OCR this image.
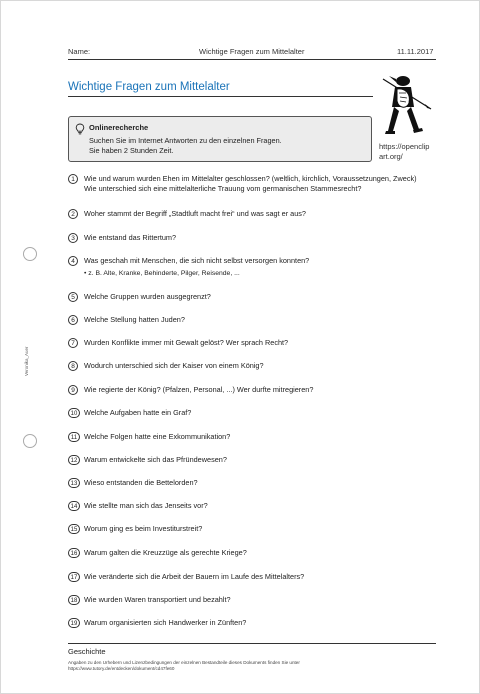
Name:	Wichtige Fragen zum Mittelalter	11.11.2017
Wichtige Fragen zum Mittelalter
Onlinerecherche
Suchen Sie im Internet Antworten zu den einzelnen Fragen.
Sie haben 2 Stunden Zeit.	https://openclip
art.org/
1	Wie und warum wurden Ehen im Mittelalter geschlossen? (weltlich, kirchlich, Voraussetzungen, Zweck)
Wie unterschied sich eine mittelalterliche Trauung vom germanischen Stammesrecht?
2	Woher stammt der Begriff „Stadtluft macht frei“ und was sagt er aus?
3	Wie entstand das Rittertum?
4	Was geschah mit Menschen, die sich nicht selbst versorgen konnten?
• z. B. Alte, Kranke, Behinderte, Pilger, Reisende, ...
5	Welche Gruppen wurden ausgegrenzt?
6	Welche Stellung hatten Juden?
7	Wurden Konflikte immer mit Gewalt gelöst? Wer sprach Recht?
8	Wodurch unterschied sich der Kaiser von einem König?
9	Wie regierte der König? (Pfalzen, Personal, ...) Wer durfte mitregieren?
10 Welche Aufgaben hatte ein Graf?
11 Welche Folgen hatte eine Exkommunikation?
12 Warum entwickelte sich das Pfründewesen?
13 Wieso entstanden die Bettelorden?
14 Wie stellte man sich das Jenseits vor?
15 Worum ging es beim Investiturstreit?
16 Warum galten die Kreuzzüge als gerechte Kriege?
17 Wie veränderte sich die Arbeit der Bauern im Laufe des Mittelalters?
18 Wie wurden Waren transportiert und bezahlt?
19 Warum organisierten sich Handwerker in Zünften?
Veronika_Auer
Geschichte
Angaben zu den Urhebern und Lizenzbedingungen der einzelnen Bestandteile dieses Dokuments finden Sie unter
https://www.tutory.de/entdecken/dokument/cd47fe60
